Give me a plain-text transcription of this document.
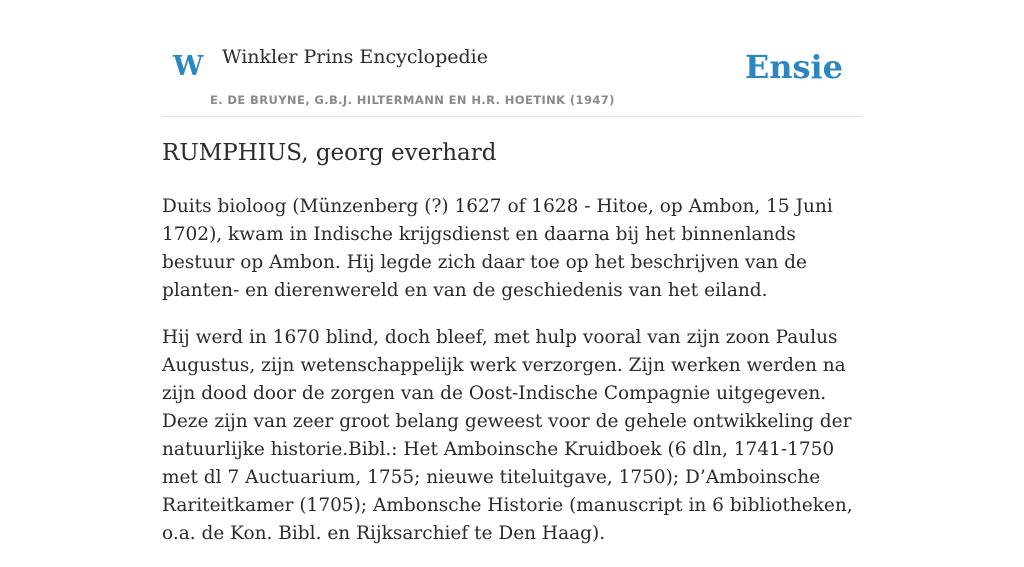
W Winkler Prins Encyclopedie
E. DE BRUYNE, G.B.J. HILTERMANN EN H.R. HOETINK (1947)
Ensie
RUMPHIUS, georg everhard

Duits bioloog (Münzenberg (?) 1627 of 1628 - Hitoe, op Ambon, 15 Juni 1702), kwam in Indische krijgsdienst en daarna bij het binnenlands bestuur op Ambon. Hij legde zich daar toe op het beschrijven van de planten- en dierenwereld en van de geschiedenis van het eiland.

Hij werd in 1670 blind, doch bleef, met hulp vooral van zijn zoon Paulus Augustus, zijn wetenschappelijk werk verzorgen. Zijn werken werden na zijn dood door de zorgen van de Oost-Indische Compagnie uitgegeven. Deze zijn van zeer groot belang geweest voor de gehele ontwikkeling der natuurlijke historie.Bibl.: Het Amboinsche Kruidboek (6 dln, 1741-1750 met dl 7 Auctuarium, 1755; nieuwe titeluitgave, 1750); D’Amboinsche Rariteitkamer (1705); Ambonsche Historie (manuscript in 6 bibliotheken, o.a. de Kon. Bibl. en Rijksarchief te Den Haag).
